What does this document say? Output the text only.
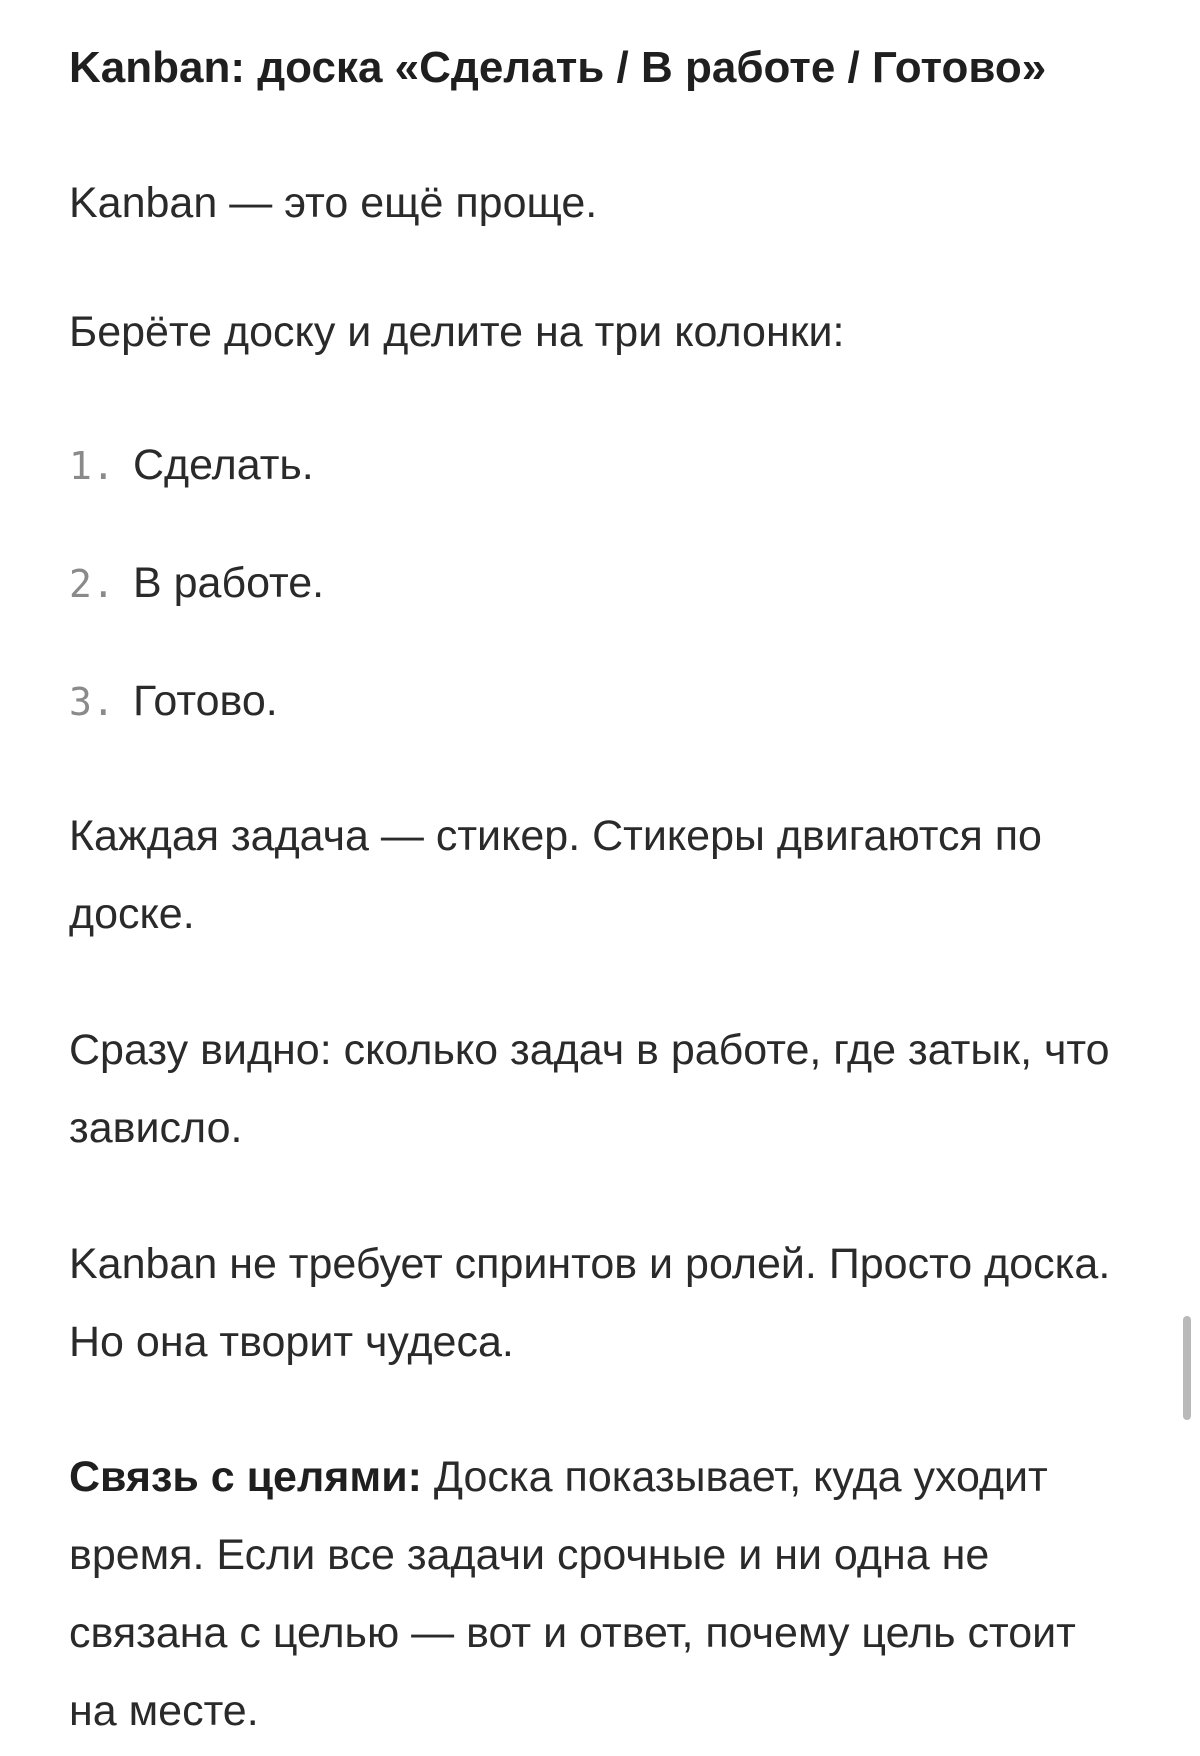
Kanban: доска «Сделать / В работе / Готово»

Kanban — это ещё проще.

Берёте доску и делите на три колонки:

1. Сделать.
2. В работе.
3. Готово.

Каждая задача — стикер. Стикеры двигаются по доске.

Сразу видно: сколько задач в работе, где затык, что зависло.

Kanban не требует спринтов и ролей. Просто доска. Но она творит чудеса.

Связь с целями: Доска показывает, куда уходит время. Если все задачи срочные и ни одна не связана с целью — вот и ответ, почему цель стоит на месте.
